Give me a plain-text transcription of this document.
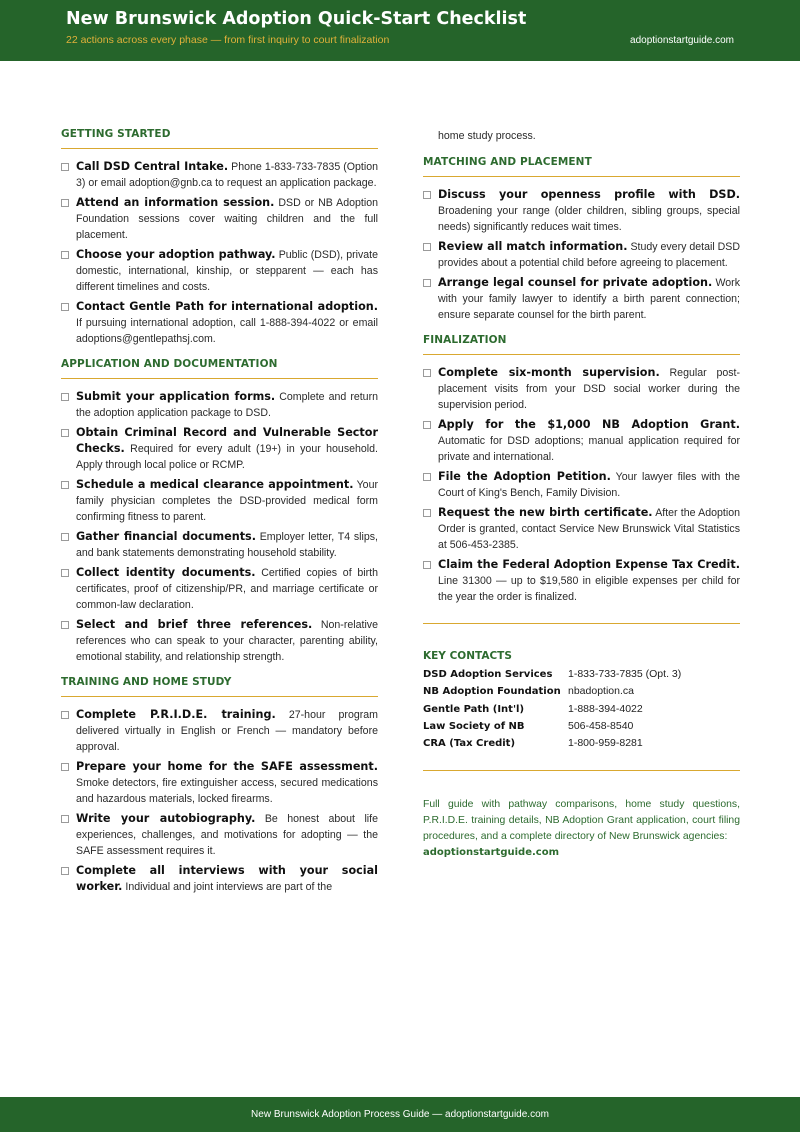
New Brunswick Adoption Quick-Start Checklist
22 actions across every phase — from first inquiry to court finalization	adoptionstartguide.com
GETTING STARTED
Call DSD Central Intake. Phone 1-833-733-7835 (Option 3) or email adoption@gnb.ca to request an application package.
Attend an information session. DSD or NB Adoption Foundation sessions cover waiting children and the full placement.
Choose your adoption pathway. Public (DSD), private domestic, international, kinship, or stepparent — each has different timelines and costs.
Contact Gentle Path for international adoption. If pursuing international adoption, call 1-888-394-4022 or email adoptions@gentlepathsj.com.
APPLICATION AND DOCUMENTATION
Submit your application forms. Complete and return the adoption application package to DSD.
Obtain Criminal Record and Vulnerable Sector Checks. Required for every adult (19+) in your household. Apply through local police or RCMP.
Schedule a medical clearance appointment. Your family physician completes the DSD-provided medical form confirming fitness to parent.
Gather financial documents. Employer letter, T4 slips, and bank statements demonstrating household stability.
Collect identity documents. Certified copies of birth certificates, proof of citizenship/PR, and marriage certificate or common-law declaration.
Select and brief three references. Non-relative references who can speak to your character, parenting ability, emotional stability, and relationship strength.
TRAINING AND HOME STUDY
Complete P.R.I.D.E. training. 27-hour program delivered virtually in English or French — mandatory before approval.
Prepare your home for the SAFE assessment. Smoke detectors, fire extinguisher access, secured medications and hazardous materials, locked firearms.
Write your autobiography. Be honest about life experiences, challenges, and motivations for adopting — the SAFE assessment requires it.
Complete all interviews with your social worker. Individual and joint interviews are part of the
home study process.
MATCHING AND PLACEMENT
Discuss your openness profile with DSD. Broadening your range (older children, sibling groups, special needs) significantly reduces wait times.
Review all match information. Study every detail DSD provides about a potential child before agreeing to placement.
Arrange legal counsel for private adoption. Work with your family lawyer to identify a birth parent connection; ensure separate counsel for the birth parent.
FINALIZATION
Complete six-month supervision. Regular post-placement visits from your DSD social worker during the supervision period.
Apply for the $1,000 NB Adoption Grant. Automatic for DSD adoptions; manual application required for private and international.
File the Adoption Petition. Your lawyer files with the Court of King's Bench, Family Division.
Request the new birth certificate. After the Adoption Order is granted, contact Service New Brunswick Vital Statistics at 506-453-2385.
Claim the Federal Adoption Expense Tax Credit. Line 31300 — up to $19,580 in eligible expenses per child for the year the order is finalized.
KEY CONTACTS
DSD Adoption Services	1-833-733-7835 (Opt. 3)
NB Adoption Foundation nbadoption.ca
Gentle Path (Int'l)	1-888-394-4022
Law Society of NB	506-458-8540
CRA (Tax Credit)	1-800-959-8281
Full guide with pathway comparisons, home study questions, P.R.I.D.E. training details, NB Adoption Grant application, court filing procedures, and a complete directory of New Brunswick agencies:
adoptionstartguide.com
New Brunswick Adoption Process Guide — adoptionstartguide.com
